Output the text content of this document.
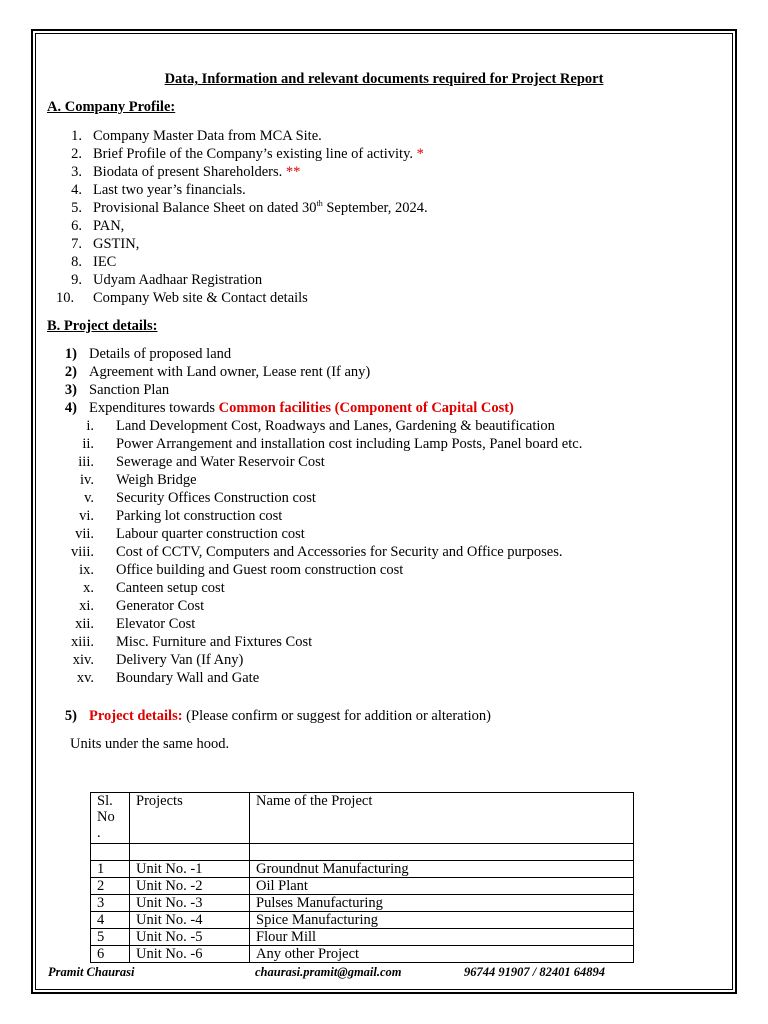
Data, Information and relevant documents required for Project Report
A. Company Profile:
1. Company Master Data from MCA Site.
2. Brief Profile of the Company’s existing line of activity. *
3. Biodata of present Shareholders. **
4. Last two year’s financials.
5. Provisional Balance Sheet on dated 30th September, 2024.
6. PAN,
7. GSTIN,
8. IEC
9. Udyam Aadhaar Registration
10.	Company Web site & Contact details
B. Project details:
1) Details of proposed land
2) Agreement with Land owner, Lease rent (If any)
3) Sanction Plan
4) Expenditures towards Common facilities (Component of Capital Cost)
i. Land Development Cost, Roadways and Lanes, Gardening & beautification
ii. Power Arrangement and installation cost including Lamp Posts, Panel board etc.
iii. Sewerage and Water Reservoir Cost
iv. Weigh Bridge
v. Security Offices Construction cost
vi. Parking lot construction cost
vii. Labour quarter construction cost
viii. Cost of CCTV, Computers and Accessories for Security and Office purposes.
ix. Office building and Guest room construction cost
x. Canteen setup cost
xi. Generator Cost
xii. Elevator Cost
xiii. Misc. Furniture and Fixtures Cost
xiv. Delivery Van (If Any)
xv. Boundary Wall and Gate
5) Project details: (Please confirm or suggest for addition or alteration)
Units under the same hood.
Sl. No .	Projects	Name of the Project

1	Unit No. -1	Groundnut Manufacturing
2	Unit No. -2	Oil Plant
3	Unit No. -3	Pulses Manufacturing
4	Unit No. -4	Spice Manufacturing
5	Unit No. -5	Flour Mill
6	Unit No. -6	Any other Project
Pramit Chaurasi	chaurasi.pramit@gmail.com	96744 91907 / 82401 64894
